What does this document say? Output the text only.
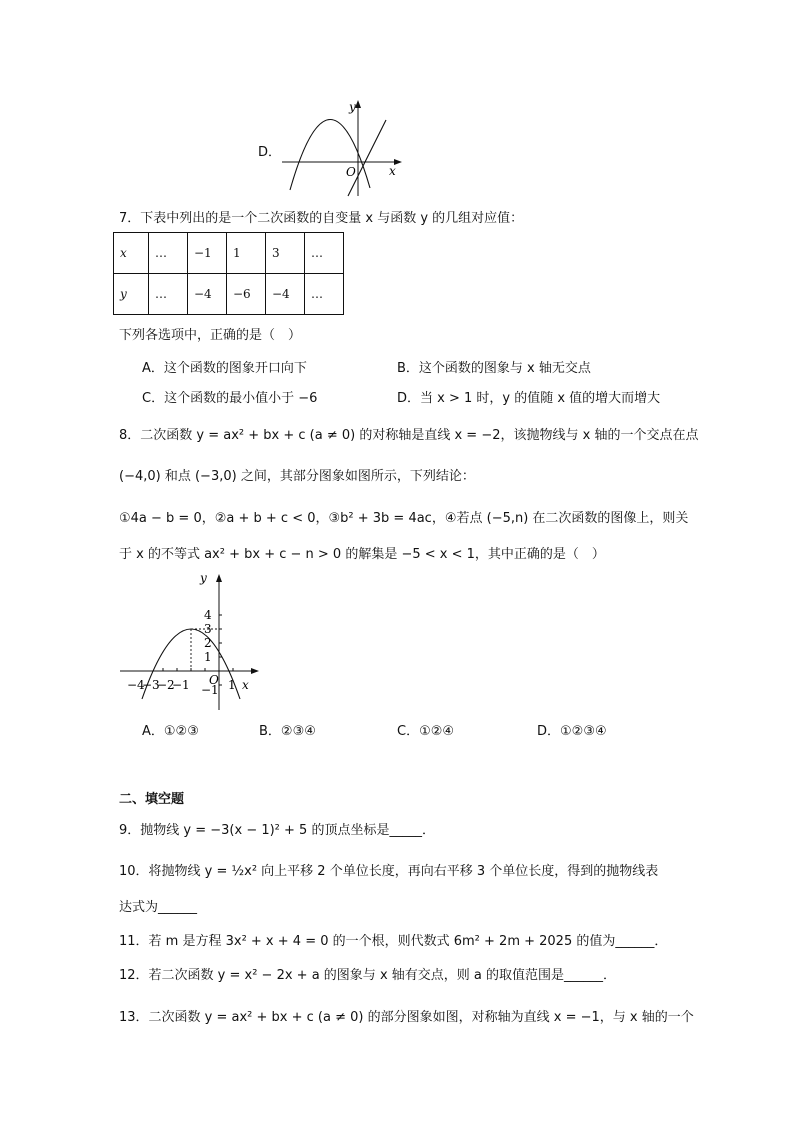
D．
y
x
O
7．下表中列出的是一个二次函数的自变量 x 与函数 y 的几组对应值：
x	…	−1	1	3	…
y	…	−4	−6	−4	…
下列各选项中，正确的是（　）
A．这个函数的图象开口向下	B．这个函数的图象与 x 轴无交点
C．这个函数的最小值小于 −6	D．当 x > 1 时，y 的值随 x 值的增大而增大
8．二次函数 y = ax² + bx + c (a ≠ 0) 的对称轴是直线 x = −2，该抛物线与 x 轴的一个交点在点
(−4,0) 和点 (−3,0) 之间，其部分图象如图所示，下列结论：
①4a − b = 0，②a + b + c < 0，③b² + 3b = 4ac，④若点 (−5,n) 在二次函数的图像上，则关
于 x 的不等式 ax² + bx + c − n > 0 的解集是 −5 < x < 1，其中正确的是（　）
y
x
O
4
3
2
1
−1
−4
−3
−2
−1	1
A．①②③	B．②③④	C．①②④	D．①②③④
二、填空题
9．抛物线 y = −3(x − 1)² + 5 的顶点坐标是_____．
10．将抛物线 y = ½x² 向上平移 2 个单位长度，再向右平移 3 个单位长度，得到的抛物线表
达式为______
11．若 m 是方程 3x² + x + 4 = 0 的一个根，则代数式 6m² + 2m + 2025 的值为______．
12．若二次函数 y = x² − 2x + a 的图象与 x 轴有交点，则 a 的取值范围是______．
13．二次函数 y = ax² + bx + c (a ≠ 0) 的部分图象如图，对称轴为直线 x = −1，与 x 轴的一个
